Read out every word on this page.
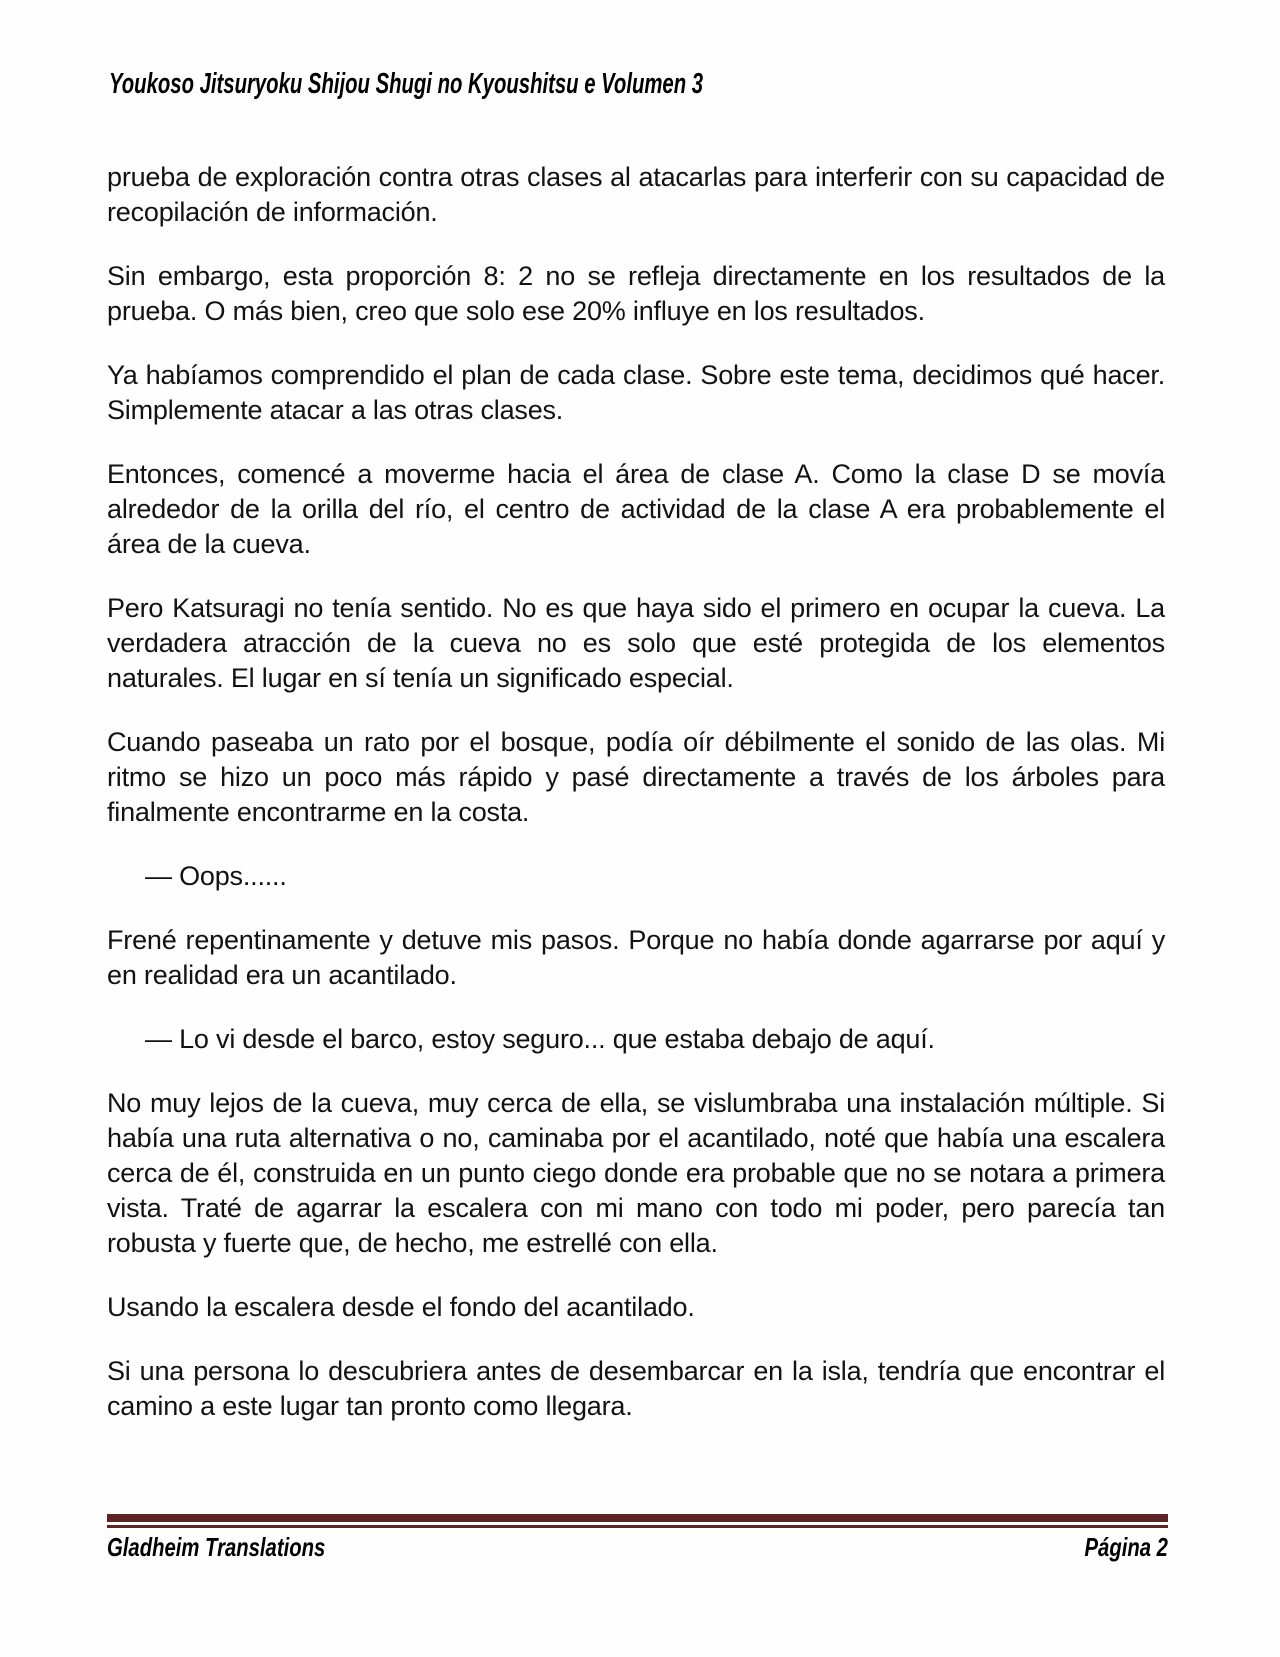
Youkoso Jitsuryoku Shijou Shugi no Kyoushitsu e Volumen 3

prueba de exploración contra otras clases al atacarlas para interferir con su capacidad de recopilación de información.

Sin embargo, esta proporción 8: 2 no se refleja directamente en los resultados de la prueba. O más bien, creo que solo ese 20% influye en los resultados.

Ya habíamos comprendido el plan de cada clase. Sobre este tema, decidimos qué hacer. Simplemente atacar a las otras clases.

Entonces, comencé a moverme hacia el área de clase A. Como la clase D se movía alrededor de la orilla del río, el centro de actividad de la clase A era probablemente el área de la cueva.

Pero Katsuragi no tenía sentido. No es que haya sido el primero en ocupar la cueva. La verdadera atracción de la cueva no es solo que esté protegida de los elementos naturales. El lugar en sí tenía un significado especial.

Cuando paseaba un rato por el bosque, podía oír débilmente el sonido de las olas. Mi ritmo se hizo un poco más rápido y pasé directamente a través de los árboles para finalmente encontrarme en la costa.

— Oops......

Frené repentinamente y detuve mis pasos. Porque no había donde agarrarse por aquí y en realidad era un acantilado.

— Lo vi desde el barco, estoy seguro... que estaba debajo de aquí.

No muy lejos de la cueva, muy cerca de ella, se vislumbraba una instalación múltiple. Si había una ruta alternativa o no, caminaba por el acantilado, noté que había una escalera cerca de él, construida en un punto ciego donde era probable que no se notara a primera vista. Traté de agarrar la escalera con mi mano con todo mi poder, pero parecía tan robusta y fuerte que, de hecho, me estrellé con ella.

Usando la escalera desde el fondo del acantilado.

Si una persona lo descubriera antes de desembarcar en la isla, tendría que encontrar el camino a este lugar tan pronto como llegara.

Gladheim Translations	Página 2
